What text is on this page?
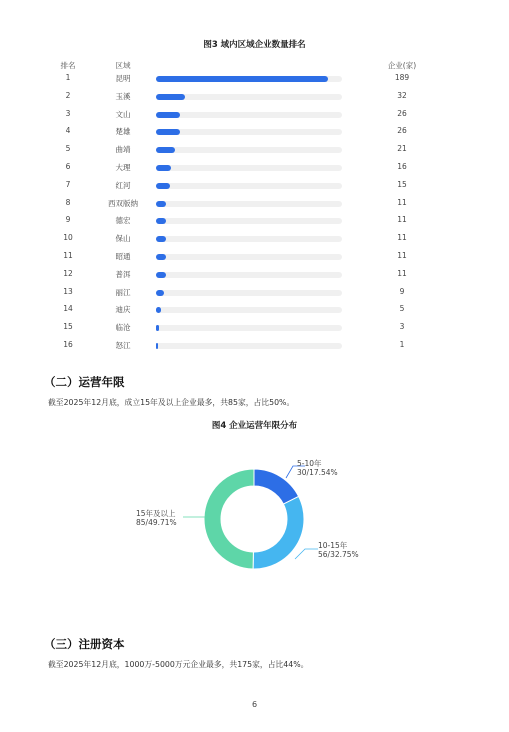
图3 域内区域企业数量排名
排名	区域	企业(家)
1	昆明	189
2	玉溪	32
3	文山	26
4	楚雄	26
5	曲靖	21
6	大理	16
7	红河	15
8	西双版纳	11
9	德宏	11
10	保山	11
11	昭通	11
12	普洱	11
13	丽江	9
14	迪庆	5
15	临沧	3
16	怒江	1
（二）运营年限
截至2025年12月底，成立15年及以上企业最多，共85家，占比50%。
图4 企业运营年限分布
5-10年
30/17.54%
10-15年
56/32.75%
15年及以上
85/49.71%
（三）注册资本
截至2025年12月底，1000万-5000万元企业最多，共175家，占比44%。
6
